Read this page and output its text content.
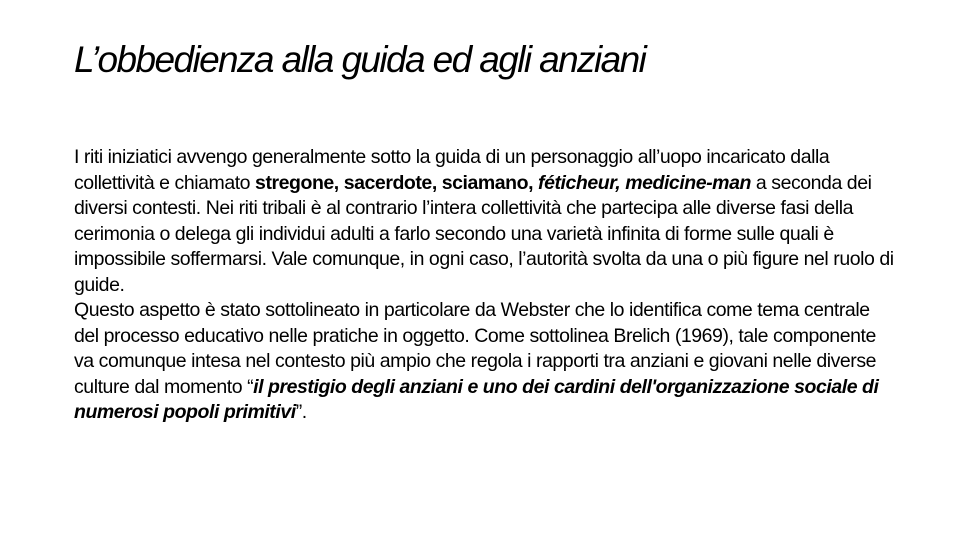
L’obbedienza alla guida ed agli anziani

I riti iniziatici avvengo generalmente sotto la guida di un personaggio all’uopo incaricato dalla collettività e chiamato stregone, sacerdote, sciamano, féticheur, medicine-man a seconda dei diversi contesti. Nei riti tribali è al contrario l’intera collettività che partecipa alle diverse fasi della cerimonia o delega gli individui adulti a farlo secondo una varietà infinita di forme sulle quali è impossibile soffermarsi. Vale comunque, in ogni caso, l’autorità svolta da una o più figure nel ruolo di guide.

Questo aspetto è stato sottolineato in particolare da Webster che lo identifica come tema centrale del processo educativo nelle pratiche in oggetto. Come sottolinea Brelich (1969), tale componente va comunque intesa nel contesto più ampio che regola i rapporti tra anziani e giovani nelle diverse culture dal momento “il prestigio degli anziani e uno dei cardini dell'organizzazione sociale di numerosi popoli primitivi”.
